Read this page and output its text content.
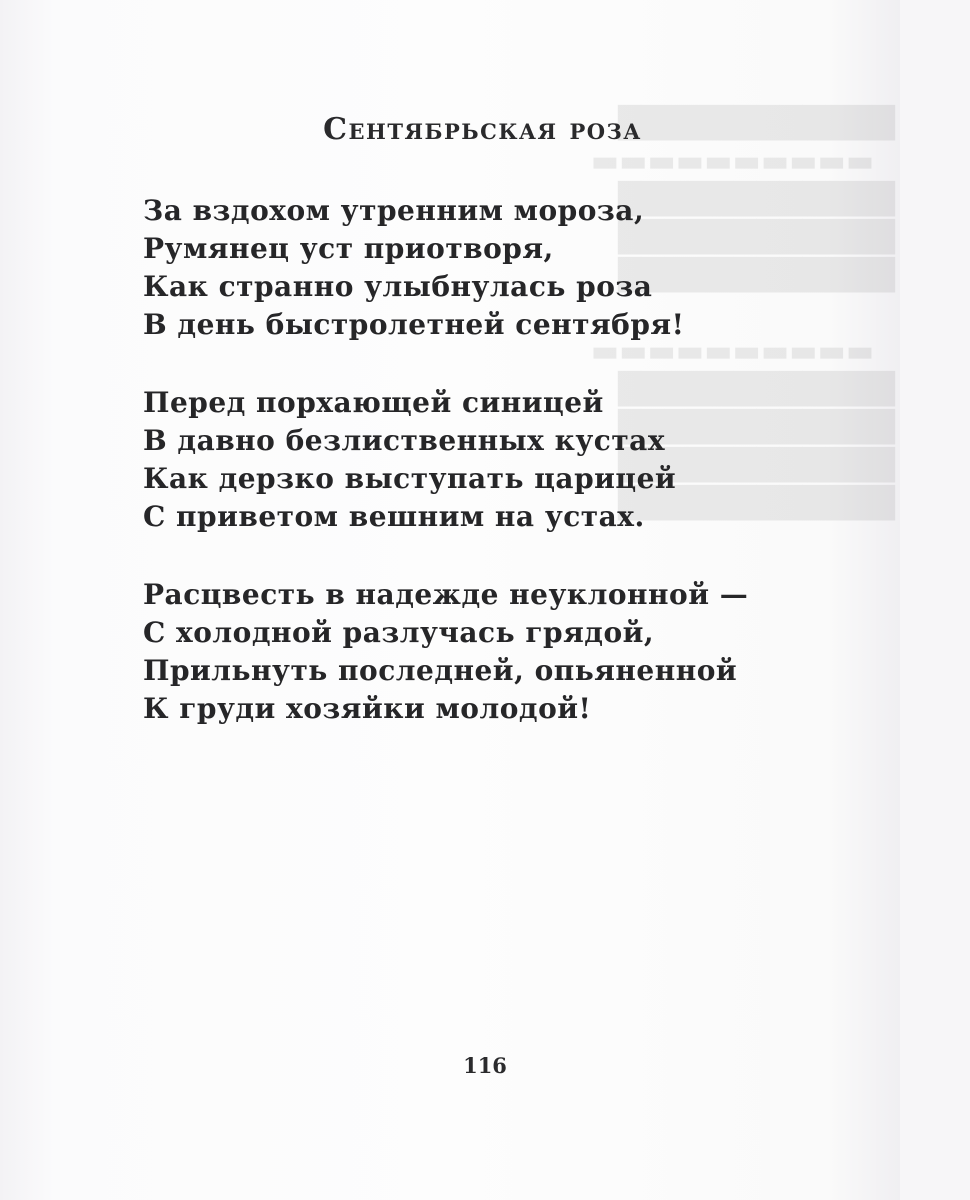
████████████
▬▬▬▬▬▬▬▬▬▬
████████████
████████████
████████████

▬▬▬▬▬▬▬▬▬▬
████████████
████████████
████████████
████████████
Сентябрьская роза
За вздохом утренним мороза,
Румянец уст приотворя,
Как странно улыбнулась роза
В день быстролетней сентября!
Перед порхающей синицей
В давно безлиственных кустах
Как дерзко выступать царицей
С приветом вешним на устах.
Расцвесть в надежде неуклонной —
С холодной разлучась грядой,
Прильнуть последней, опьяненной
К груди хозяйки молодой!
116
